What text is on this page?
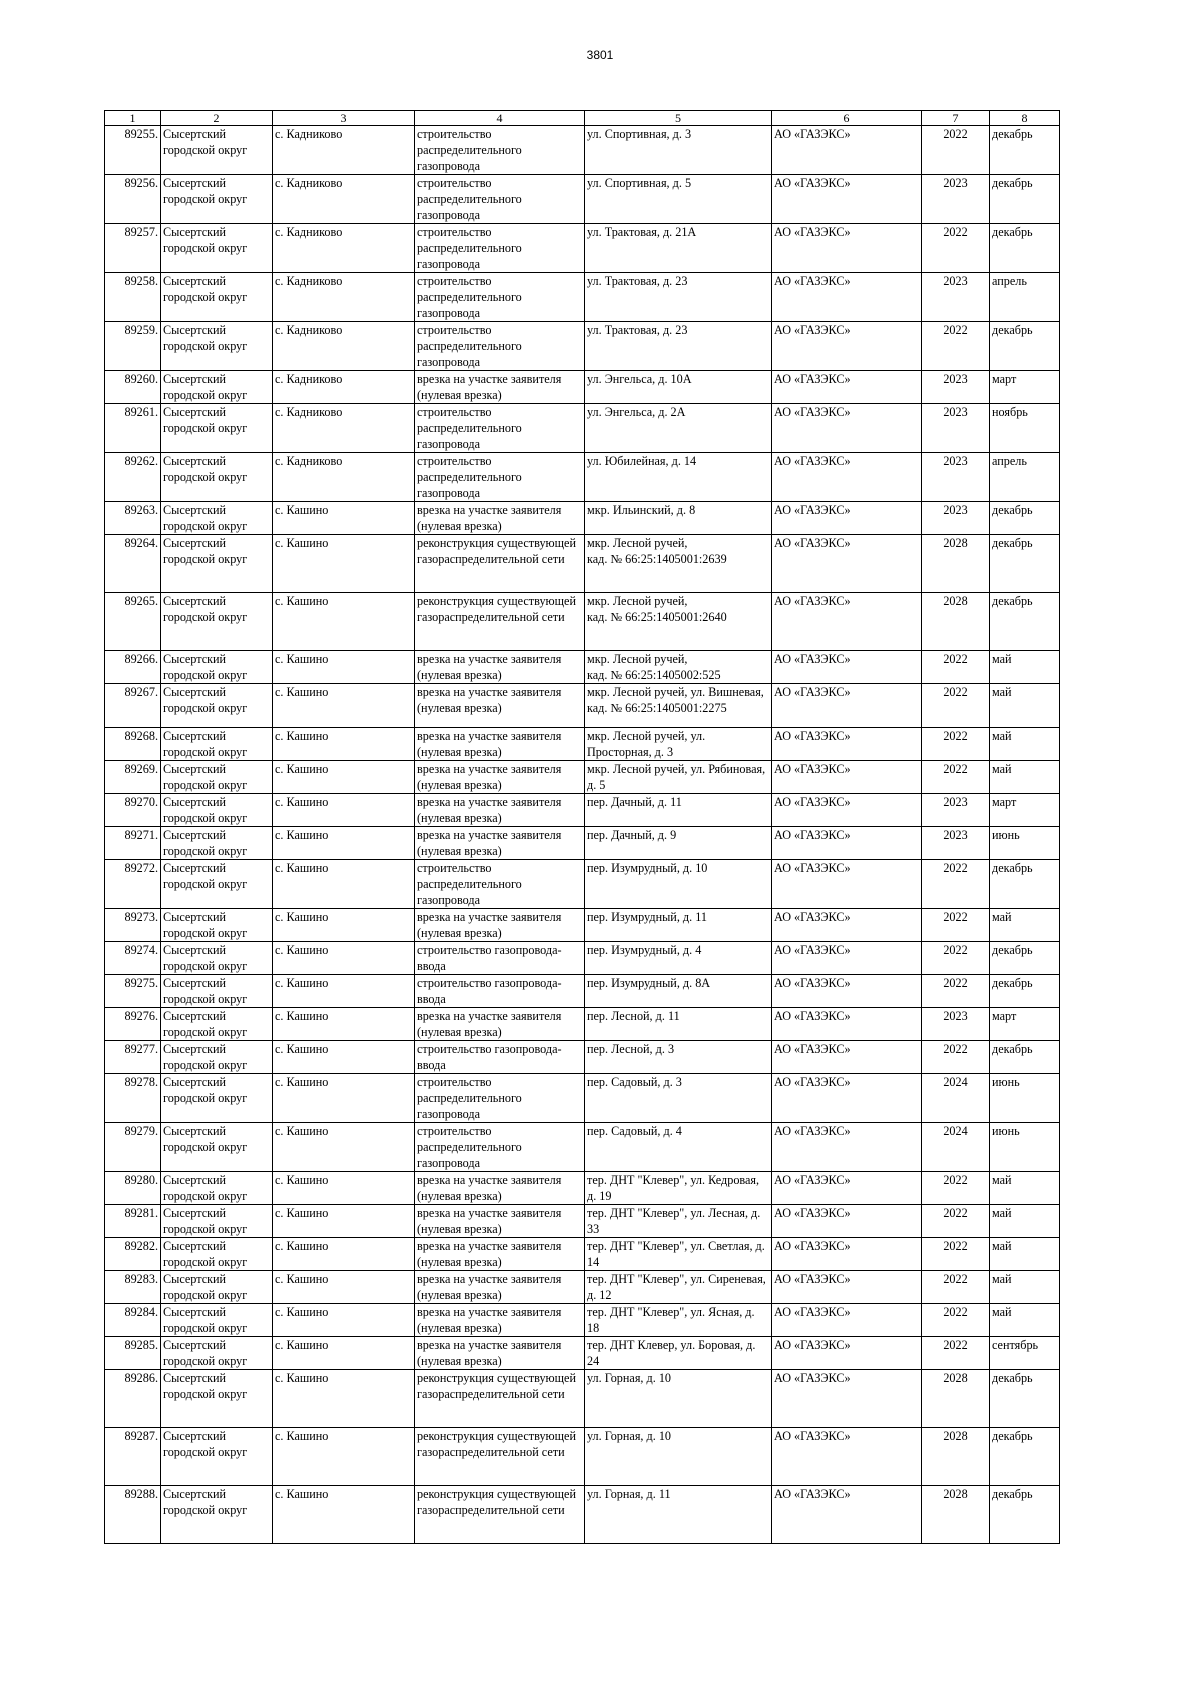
3801
1	2	3	4	5	6	7	8
89255.	Сысертский городской округ	с. Кадниково	строительство распределительного газопровода	ул. Спортивная, д. 3	АО «ГАЗЭКС»	2022	декабрь
89256.	Сысертский городской округ	с. Кадниково	строительство распределительного газопровода	ул. Спортивная, д. 5	АО «ГАЗЭКС»	2023	декабрь
89257.	Сысертский городской округ	с. Кадниково	строительство распределительного газопровода	ул. Трактовая, д. 21А	АО «ГАЗЭКС»	2022	декабрь
89258.	Сысертский городской округ	с. Кадниково	строительство распределительного газопровода	ул. Трактовая, д. 23	АО «ГАЗЭКС»	2023	апрель
89259.	Сысертский городской округ	с. Кадниково	строительство распределительного газопровода	ул. Трактовая, д. 23	АО «ГАЗЭКС»	2022	декабрь
89260.	Сысертский городской округ	с. Кадниково	врезка на участке заявителя (нулевая врезка)	ул. Энгельса, д. 10А	АО «ГАЗЭКС»	2023	март
89261.	Сысертский городской округ	с. Кадниково	строительство распределительного газопровода	ул. Энгельса, д. 2А	АО «ГАЗЭКС»	2023	ноябрь
89262.	Сысертский городской округ	с. Кадниково	строительство распределительного газопровода	ул. Юбилейная, д. 14	АО «ГАЗЭКС»	2023	апрель
89263.	Сысертский городской округ	с. Кашино	врезка на участке заявителя (нулевая врезка)	мкр. Ильинский, д. 8	АО «ГАЗЭКС»	2023	декабрь
89264.	Сысертский городской округ	с. Кашино	реконструкция существующей газораспределительной сети	мкр. Лесной ручей,
кад. № 66:25:1405001:2639	АО «ГАЗЭКС»	2028	декабрь
89265.	Сысертский городской округ	с. Кашино	реконструкция существующей газораспределительной сети	мкр. Лесной ручей,
кад. № 66:25:1405001:2640	АО «ГАЗЭКС»	2028	декабрь
89266.	Сысертский городской округ	с. Кашино	врезка на участке заявителя (нулевая врезка)	мкр. Лесной ручей,
кад. № 66:25:1405002:525	АО «ГАЗЭКС»	2022	май
89267.	Сысертский городской округ	с. Кашино	врезка на участке заявителя (нулевая врезка)	мкр. Лесной ручей, ул. Вишневая,
кад. № 66:25:1405001:2275	АО «ГАЗЭКС»	2022	май
89268.	Сысертский городской округ	с. Кашино	врезка на участке заявителя (нулевая врезка)	мкр. Лесной ручей, ул. Просторная, д. 3	АО «ГАЗЭКС»	2022	май
89269.	Сысертский городской округ	с. Кашино	врезка на участке заявителя (нулевая врезка)	мкр. Лесной ручей, ул. Рябиновая, д. 5	АО «ГАЗЭКС»	2022	май
89270.	Сысертский городской округ	с. Кашино	врезка на участке заявителя (нулевая врезка)	пер. Дачный, д. 11	АО «ГАЗЭКС»	2023	март
89271.	Сысертский городской округ	с. Кашино	врезка на участке заявителя (нулевая врезка)	пер. Дачный, д. 9	АО «ГАЗЭКС»	2023	июнь
89272.	Сысертский городской округ	с. Кашино	строительство распределительного газопровода	пер. Изумрудный, д. 10	АО «ГАЗЭКС»	2022	декабрь
89273.	Сысертский городской округ	с. Кашино	врезка на участке заявителя (нулевая врезка)	пер. Изумрудный, д. 11	АО «ГАЗЭКС»	2022	май
89274.	Сысертский городской округ	с. Кашино	строительство газопровода-ввода	пер. Изумрудный, д. 4	АО «ГАЗЭКС»	2022	декабрь
89275.	Сысертский городской округ	с. Кашино	строительство газопровода-ввода	пер. Изумрудный, д. 8А	АО «ГАЗЭКС»	2022	декабрь
89276.	Сысертский городской округ	с. Кашино	врезка на участке заявителя (нулевая врезка)	пер. Лесной, д. 11	АО «ГАЗЭКС»	2023	март
89277.	Сысертский городской округ	с. Кашино	строительство газопровода-ввода	пер. Лесной, д. 3	АО «ГАЗЭКС»	2022	декабрь
89278.	Сысертский городской округ	с. Кашино	строительство распределительного газопровода	пер. Садовый, д. 3	АО «ГАЗЭКС»	2024	июнь
89279.	Сысертский городской округ	с. Кашино	строительство распределительного газопровода	пер. Садовый, д. 4	АО «ГАЗЭКС»	2024	июнь
89280.	Сысертский городской округ	с. Кашино	врезка на участке заявителя (нулевая врезка)	тер. ДНТ "Клевер", ул. Кедровая, д. 19	АО «ГАЗЭКС»	2022	май
89281.	Сысертский городской округ	с. Кашино	врезка на участке заявителя (нулевая врезка)	тер. ДНТ "Клевер", ул. Лесная, д. 33	АО «ГАЗЭКС»	2022	май
89282.	Сысертский городской округ	с. Кашино	врезка на участке заявителя (нулевая врезка)	тер. ДНТ "Клевер", ул. Светлая, д. 14	АО «ГАЗЭКС»	2022	май
89283.	Сысертский городской округ	с. Кашино	врезка на участке заявителя (нулевая врезка)	тер. ДНТ "Клевер", ул. Сиреневая, д. 12	АО «ГАЗЭКС»	2022	май
89284.	Сысертский городской округ	с. Кашино	врезка на участке заявителя (нулевая врезка)	тер. ДНТ "Клевер", ул. Ясная, д. 18	АО «ГАЗЭКС»	2022	май
89285.	Сысертский городской округ	с. Кашино	врезка на участке заявителя (нулевая врезка)	тер. ДНТ Клевер, ул. Боровая, д. 24	АО «ГАЗЭКС»	2022	сентябрь
89286.	Сысертский городской округ	с. Кашино	реконструкция существующей газораспределительной сети	ул. Горная, д. 10	АО «ГАЗЭКС»	2028	декабрь
89287.	Сысертский городской округ	с. Кашино	реконструкция существующей газораспределительной сети	ул. Горная, д. 10	АО «ГАЗЭКС»	2028	декабрь
89288.	Сысертский городской округ	с. Кашино	реконструкция существующей газораспределительной сети	ул. Горная, д. 11	АО «ГАЗЭКС»	2028	декабрь
